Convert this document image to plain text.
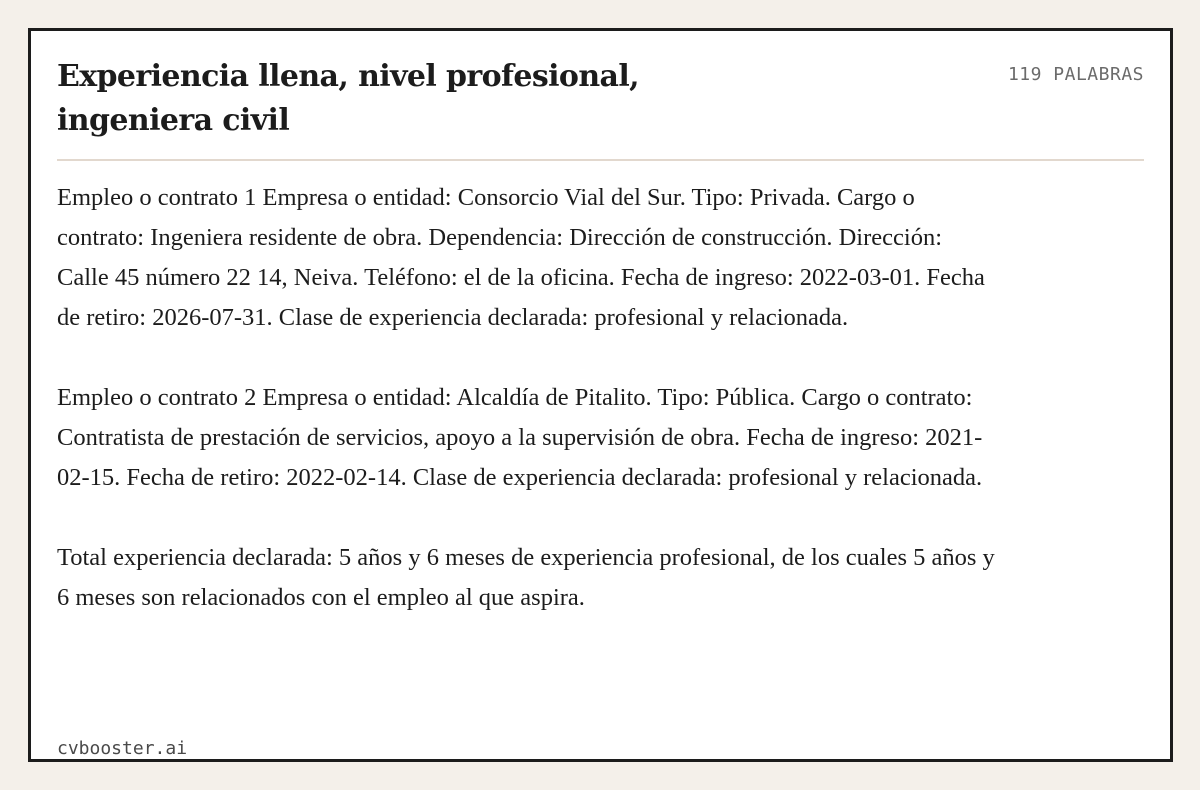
Experiencia llena, nivel profesional, ingeniera civil
119 PALABRAS

Empleo o contrato 1 Empresa o entidad: Consorcio Vial del Sur. Tipo: Privada. Cargo o contrato: Ingeniera residente de obra. Dependencia: Dirección de construcción. Dirección: Calle 45 número 22 14, Neiva. Teléfono: el de la oficina. Fecha de ingreso: 2022-03-01. Fecha de retiro: 2026-07-31. Clase de experiencia declarada: profesional y relacionada.

Empleo o contrato 2 Empresa o entidad: Alcaldía de Pitalito. Tipo: Pública. Cargo o contrato: Contratista de prestación de servicios, apoyo a la supervisión de obra. Fecha de ingreso: 2021-02-15. Fecha de retiro: 2022-02-14. Clase de experiencia declarada: profesional y relacionada.

Total experiencia declarada: 5 años y 6 meses de experiencia profesional, de los cuales 5 años y 6 meses son relacionados con el empleo al que aspira.

cvbooster.ai
